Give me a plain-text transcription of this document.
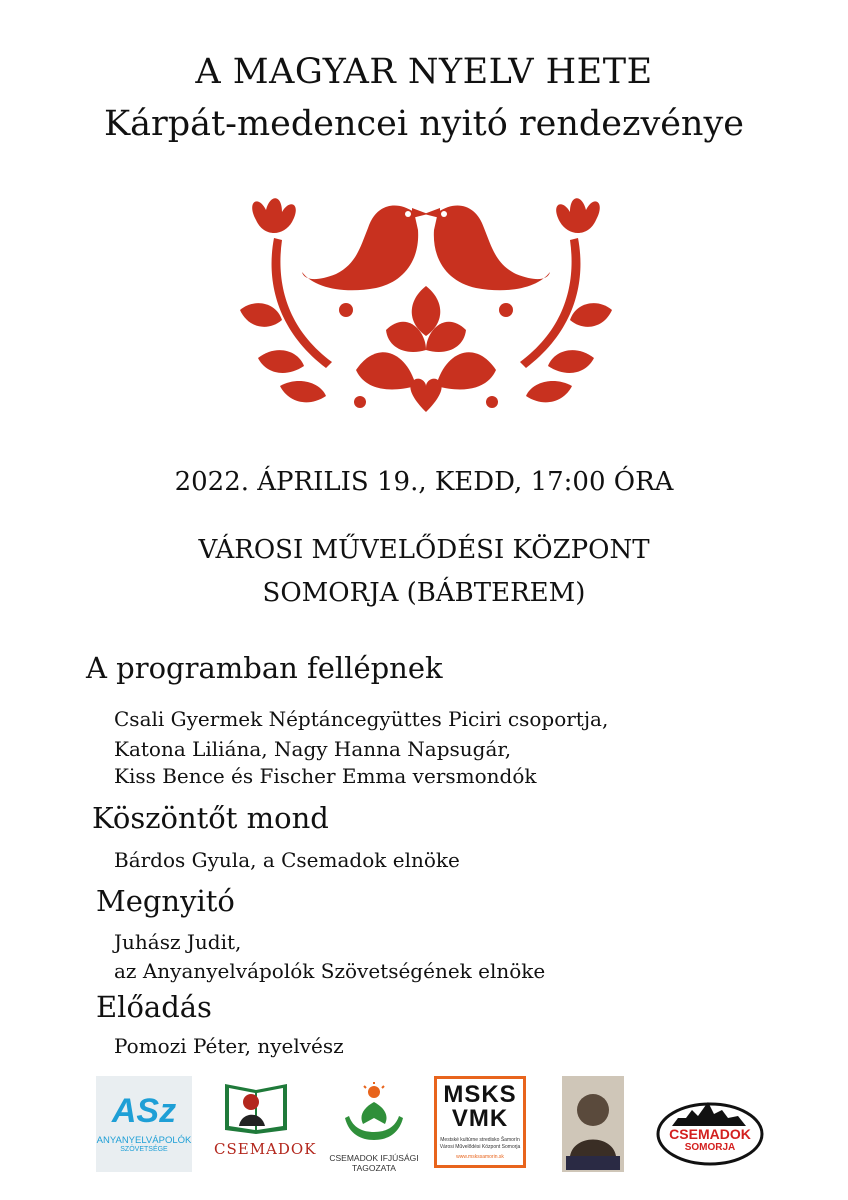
A MAGYAR NYELV HETE
Kárpát-medencei nyitó rendezvénye
2022. ÁPRILIS 19., KEDD, 17:00 ÓRA
VÁROSI MŰVELŐDÉSI KÖZPONT
SOMORJA (BÁBTEREM)
A programban fellépnek
Csali Gyermek Néptáncegyüttes Piciri csoportja,
Katona Liliána, Nagy Hanna Napsugár,
Kiss Bence és Fischer Emma versmondók
Köszöntőt mond
Bárdos Gyula, a Csemadok elnöke
Megnyitó
Juhász Judit,
az Anyanyelvápolók Szövetségének elnöke
Előadás
Pomozi Péter, nyelvész
ASz
ANYANYELVÁPOLÓK
SZÖVETSÉGE	CSEMADOK	CSEMADOK IFJÚSÁGI TAGOZATA
MSKS
VMK
Mestské kultúrne stredisko Šamorín
Városi Művelődési Központ Somorja
www.mskssamorin.sk
CSEMADOK
SOMORJA
